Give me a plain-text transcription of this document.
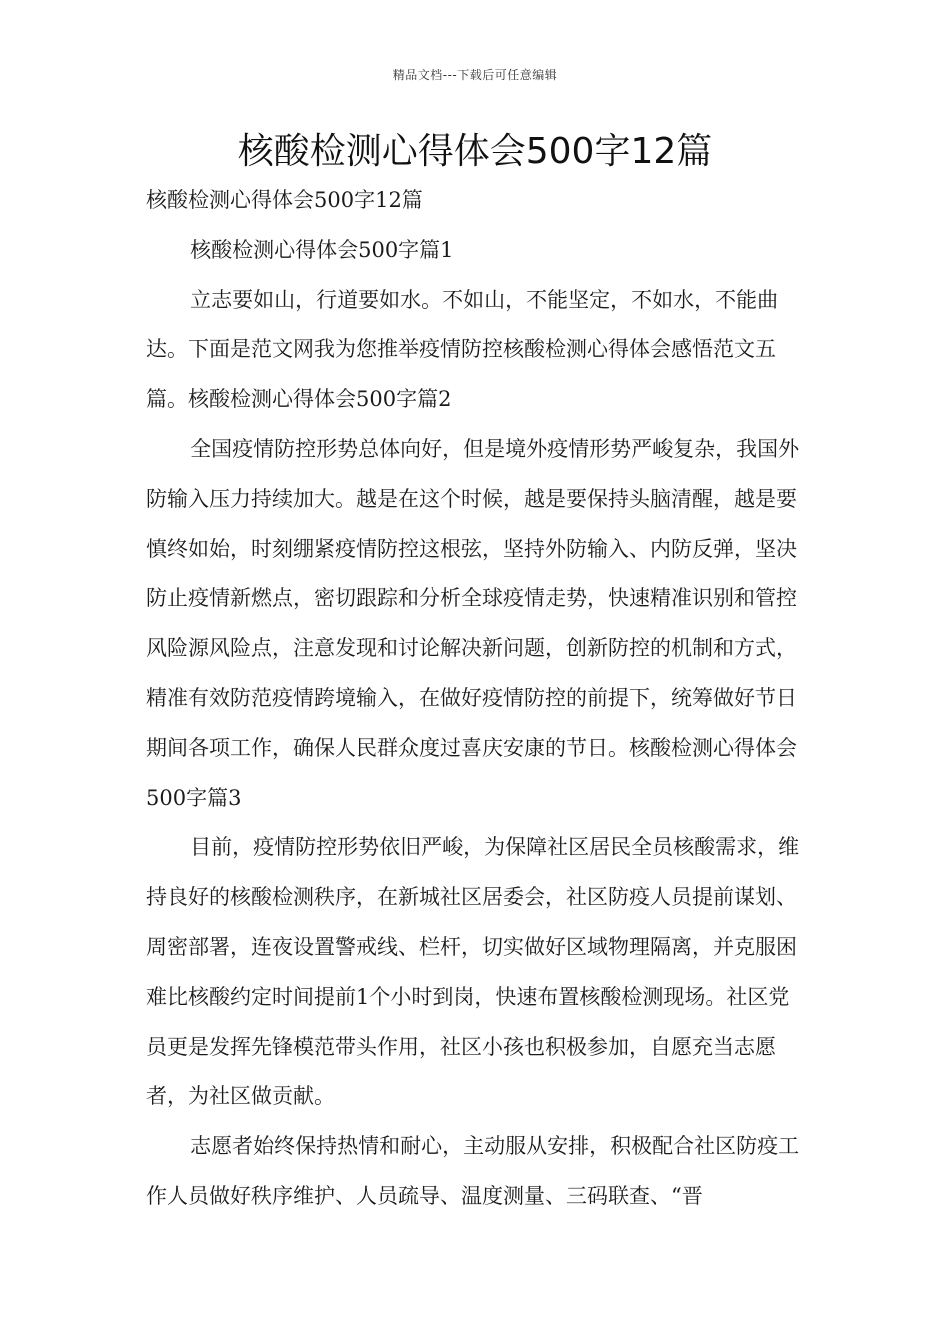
精品文档---下载后可任意编辑
核酸检测心得体会500字12篇

核酸检测心得体会500字12篇

核酸检测心得体会500字篇1

立志要如山，行道要如水。不如山，不能坚定，不如水，不能曲达。下面是范文网我为您推举疫情防控核酸检测心得体会感悟范文五篇。核酸检测心得体会500字篇2

全国疫情防控形势总体向好，但是境外疫情形势严峻复杂，我国外防输入压力持续加大。越是在这个时候，越是要保持头脑清醒，越是要慎终如始，时刻绷紧疫情防控这根弦，坚持外防输入、内防反弹，坚决防止疫情新燃点，密切跟踪和分析全球疫情走势，快速精准识别和管控风险源风险点，注意发现和讨论解决新问题，创新防控的机制和方式，精准有效防范疫情跨境输入，在做好疫情防控的前提下，统筹做好节日期间各项工作，确保人民群众度过喜庆安康的节日。核酸检测心得体会500字篇3

目前，疫情防控形势依旧严峻，为保障社区居民全员核酸需求，维持良好的核酸检测秩序，在新城社区居委会，社区防疫人员提前谋划、周密部署，连夜设置警戒线、栏杆，切实做好区域物理隔离，并克服困难比核酸约定时间提前1个小时到岗，快速布置核酸检测现场。社区党员更是发挥先锋模范带头作用，社区小孩也积极参加，自愿充当志愿者，为社区做贡献。

志愿者始终保持热情和耐心，主动服从安排，积极配合社区防疫工作人员做好秩序维护、人员疏导、温度测量、三码联查、“晋
